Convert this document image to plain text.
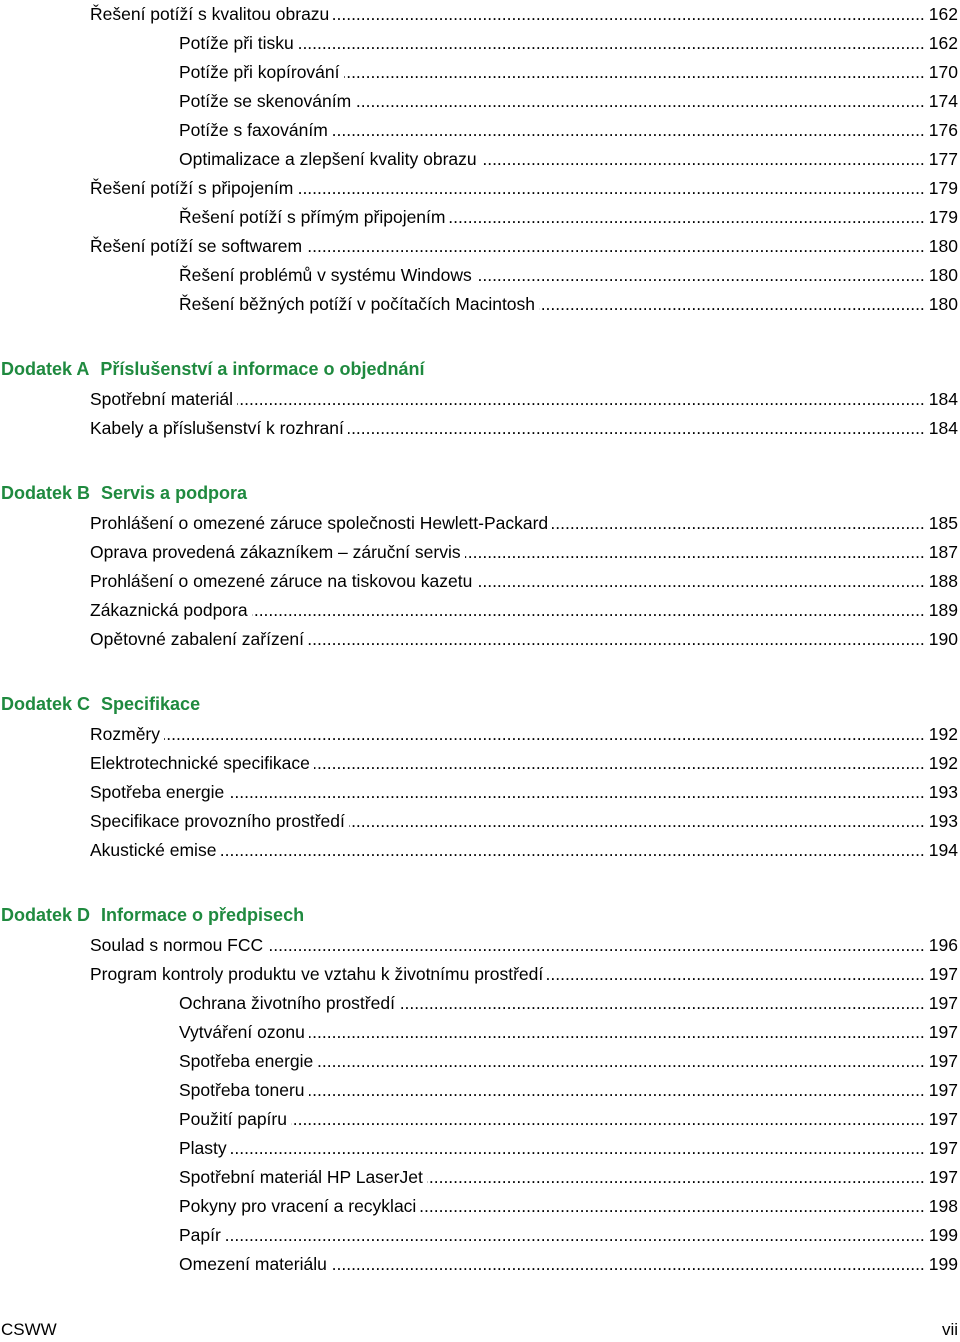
Řešení potíží s kvalitou obrazu .....	162
Potíže při tisku .....	162
Potíže při kopírování .....	170
Potíže se skenováním .....	174
Potíže s faxováním .....	176
Optimalizace a zlepšení kvality obrazu .....	177
Řešení potíží s připojením .....	179
Řešení potíží s přímým připojením .....	179
Řešení potíží se softwarem .....	180
Řešení problémů v systému Windows .....	180
Řešení běžných potíží v počítačích Macintosh .....	180
Dodatek A Příslušenství a informace o objednání
Spotřební materiál .....	184
Kabely a příslušenství k rozhraní .....	184
Dodatek B Servis a podpora
Prohlášení o omezené záruce společnosti Hewlett-Packard .....	185
Oprava provedená zákazníkem – záruční servis .....	187
Prohlášení o omezené záruce na tiskovou kazetu .....	188
Zákaznická podpora .....	189
Opětovné zabalení zařízení .....	190
Dodatek C Specifikace
Rozměry .....	192
Elektrotechnické specifikace .....	192
Spotřeba energie .....	193
Specifikace provozního prostředí .....	193
Akustické emise .....	194
Dodatek D Informace o předpisech
Soulad s normou FCC .....	196
Program kontroly produktu ve vztahu k životnímu prostředí .....	197
Ochrana životního prostředí .....	197
Vytváření ozonu .....	197
Spotřeba energie .....	197
Spotřeba toneru .....	197
Použití papíru .....	197
Plasty .....	197
Spotřební materiál HP LaserJet .....	197
Pokyny pro vracení a recyklaci .....	198
Papír .....	199
Omezení materiálu .....	199
CSWW	vii
